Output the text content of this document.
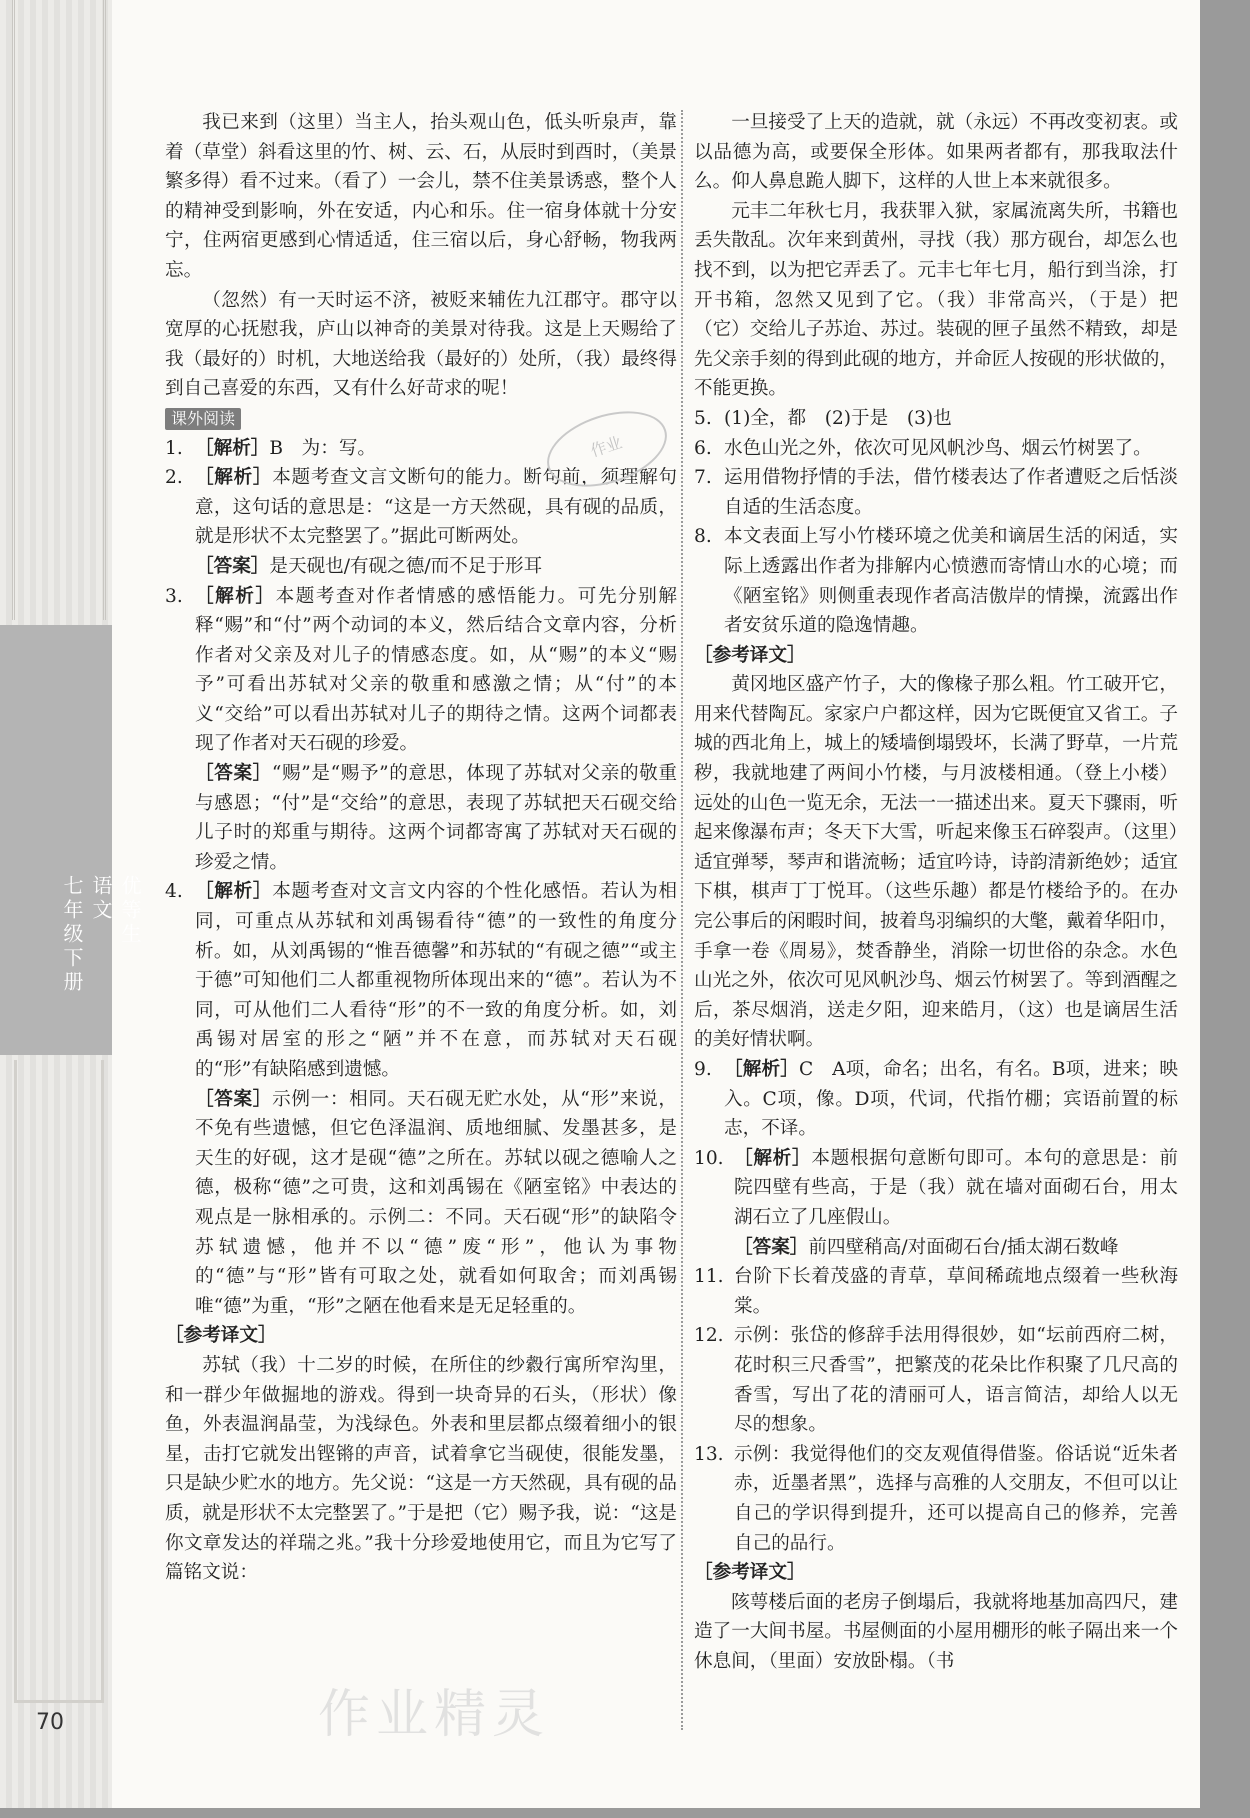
优等生
语文
七年级下册
70

我已来到（这里）当主人，抬头观山色，低头听泉声，靠着（草堂）斜看这里的竹、树、云、石，从辰时到酉时，（美景繁多得）看不过来。（看了）一会儿，禁不住美景诱惑，整个人的精神受到影响，外在安适，内心和乐。住一宿身体就十分安宁，住两宿更感到心情适适，住三宿以后，身心舒畅，物我两忘。

（忽然）有一天时运不济，被贬来辅佐九江郡守。郡守以宽厚的心抚慰我，庐山以神奇的美景对待我。这是上天赐给了我（最好的）时机，大地送给我（最好的）处所，（我）最终得到自己喜爱的东西，又有什么好苛求的呢！

课外阅读

1. ［解析］B　为：写。

2. ［解析］本题考查文言文断句的能力。断句前，须理解句意，这句话的意思是：“这是一方天然砚，具有砚的品质，就是形状不太完整罢了。”据此可断两处。

［答案］是天砚也/有砚之德/而不足于形耳

3. ［解析］本题考查对作者情感的感悟能力。可先分别解释“赐”和“付”两个动词的本义，然后结合文章内容，分析作者对父亲及对儿子的情感态度。如，从“赐”的本义“赐予”可看出苏轼对父亲的敬重和感激之情；从“付”的本义“交给”可以看出苏轼对儿子的期待之情。这两个词都表现了作者对天石砚的珍爱。

［答案］“赐”是“赐予”的意思，体现了苏轼对父亲的敬重与感恩；“付”是“交给”的意思，表现了苏轼把天石砚交给儿子时的郑重与期待。这两个词都寄寓了苏轼对天石砚的珍爱之情。

4. ［解析］本题考查对文言文内容的个性化感悟。若认为相同，可重点从苏轼和刘禹锡看待“德”的一致性的角度分析。如，从刘禹锡的“惟吾德馨”和苏轼的“有砚之德”“或主于德”可知他们二人都重视物所体现出来的“德”。若认为不同，可从他们二人看待“形”的不一致的角度分析。如，刘禹锡对居室的形之“陋”并不在意，而苏轼对天石砚的“形”有缺陷感到遗憾。

［答案］示例一：相同。天石砚无贮水处，从“形”来说，不免有些遗憾，但它色泽温润、质地细腻、发墨甚多，是天生的好砚，这才是砚“德”之所在。苏轼以砚之德喻人之德，极称“德”之可贵，这和刘禹锡在《陋室铭》中表达的观点是一脉相承的。示例二：不同。天石砚“形”的缺陷令苏轼遗憾，他并不以“德”废“形”，他认为事物的“德”与“形”皆有可取之处，就看如何取舍；而刘禹锡唯“德”为重，“形”之陋在他看来是无足轻重的。

［参考译文］

苏轼（我）十二岁的时候，在所住的纱縠行寓所窄沟里，和一群少年做掘地的游戏。得到一块奇异的石头，（形状）像鱼，外表温润晶莹，为浅绿色。外表和里层都点缀着细小的银星，击打它就发出铿锵的声音，试着拿它当砚使，很能发墨，只是缺少贮水的地方。先父说：“这是一方天然砚，具有砚的品质，就是形状不太完整罢了。”于是把（它）赐予我，说：“这是你文章发达的祥瑞之兆。”我十分珍爱地使用它，而且为它写了篇铭文说：

一旦接受了上天的造就，就（永远）不再改变初衷。或以品德为高，或要保全形体。如果两者都有，那我取法什么。仰人鼻息跪人脚下，这样的人世上本来就很多。

元丰二年秋七月，我获罪入狱，家属流离失所，书籍也丢失散乱。次年来到黄州，寻找（我）那方砚台，却怎么也找不到，以为把它弄丢了。元丰七年七月，船行到当涂，打开书箱，忽然又见到了它。（我）非常高兴，（于是）把（它）交给儿子苏迨、苏过。装砚的匣子虽然不精致，却是先父亲手刻的得到此砚的地方，并命匠人按砚的形状做的，不能更换。

5. (1)全，都　(2)于是　(3)也

6. 水色山光之外，依次可见风帆沙鸟、烟云竹树罢了。

7. 运用借物抒情的手法，借竹楼表达了作者遭贬之后恬淡自适的生活态度。

8. 本文表面上写小竹楼环境之优美和谪居生活的闲适，实际上透露出作者为排解内心愤懑而寄情山水的心境；而《陋室铭》则侧重表现作者高洁傲岸的情操，流露出作者安贫乐道的隐逸情趣。

［参考译文］

黄冈地区盛产竹子，大的像椽子那么粗。竹工破开它，用来代替陶瓦。家家户户都这样，因为它既便宜又省工。子城的西北角上，城上的矮墙倒塌毁坏，长满了野草，一片荒秽，我就地建了两间小竹楼，与月波楼相通。（登上小楼）远处的山色一览无余，无法一一描述出来。夏天下骤雨，听起来像瀑布声；冬天下大雪，听起来像玉石碎裂声。（这里）适宜弹琴，琴声和谐流畅；适宜吟诗，诗韵清新绝妙；适宜下棋，棋声丁丁悦耳。（这些乐趣）都是竹楼给予的。在办完公事后的闲暇时间，披着鸟羽编织的大氅，戴着华阳巾，手拿一卷《周易》，焚香静坐，消除一切世俗的杂念。水色山光之外，依次可见风帆沙鸟、烟云竹树罢了。等到酒醒之后，茶尽烟消，送走夕阳，迎来皓月，（这）也是谪居生活的美好情状啊。

9. ［解析］C　A项，命名；出名，有名。B项，进来；映入。C项，像。D项，代词，代指竹棚；宾语前置的标志，不译。

10. ［解析］本题根据句意断句即可。本句的意思是：前院四壁有些高，于是（我）就在墙对面砌石台，用太湖石立了几座假山。

［答案］前四壁稍高/对面砌石台/插太湖石数峰

11. 台阶下长着茂盛的青草，草间稀疏地点缀着一些秋海棠。

12. 示例：张岱的修辞手法用得很妙，如“坛前西府二树，花时积三尺香雪”，把繁茂的花朵比作积聚了几尺高的香雪，写出了花的清丽可人，语言简洁，却给人以无尽的想象。

13. 示例：我觉得他们的交友观值得借鉴。俗话说“近朱者赤，近墨者黑”，选择与高雅的人交朋友，不但可以让自己的学识得到提升，还可以提高自己的修养，完善自己的品行。

［参考译文］

陔萼楼后面的老房子倒塌后，我就将地基加高四尺，建造了一大间书屋。书屋侧面的小屋用棚形的帐子隔出来一个休息间，（里面）安放卧榻。（书

作业
作业精灵
